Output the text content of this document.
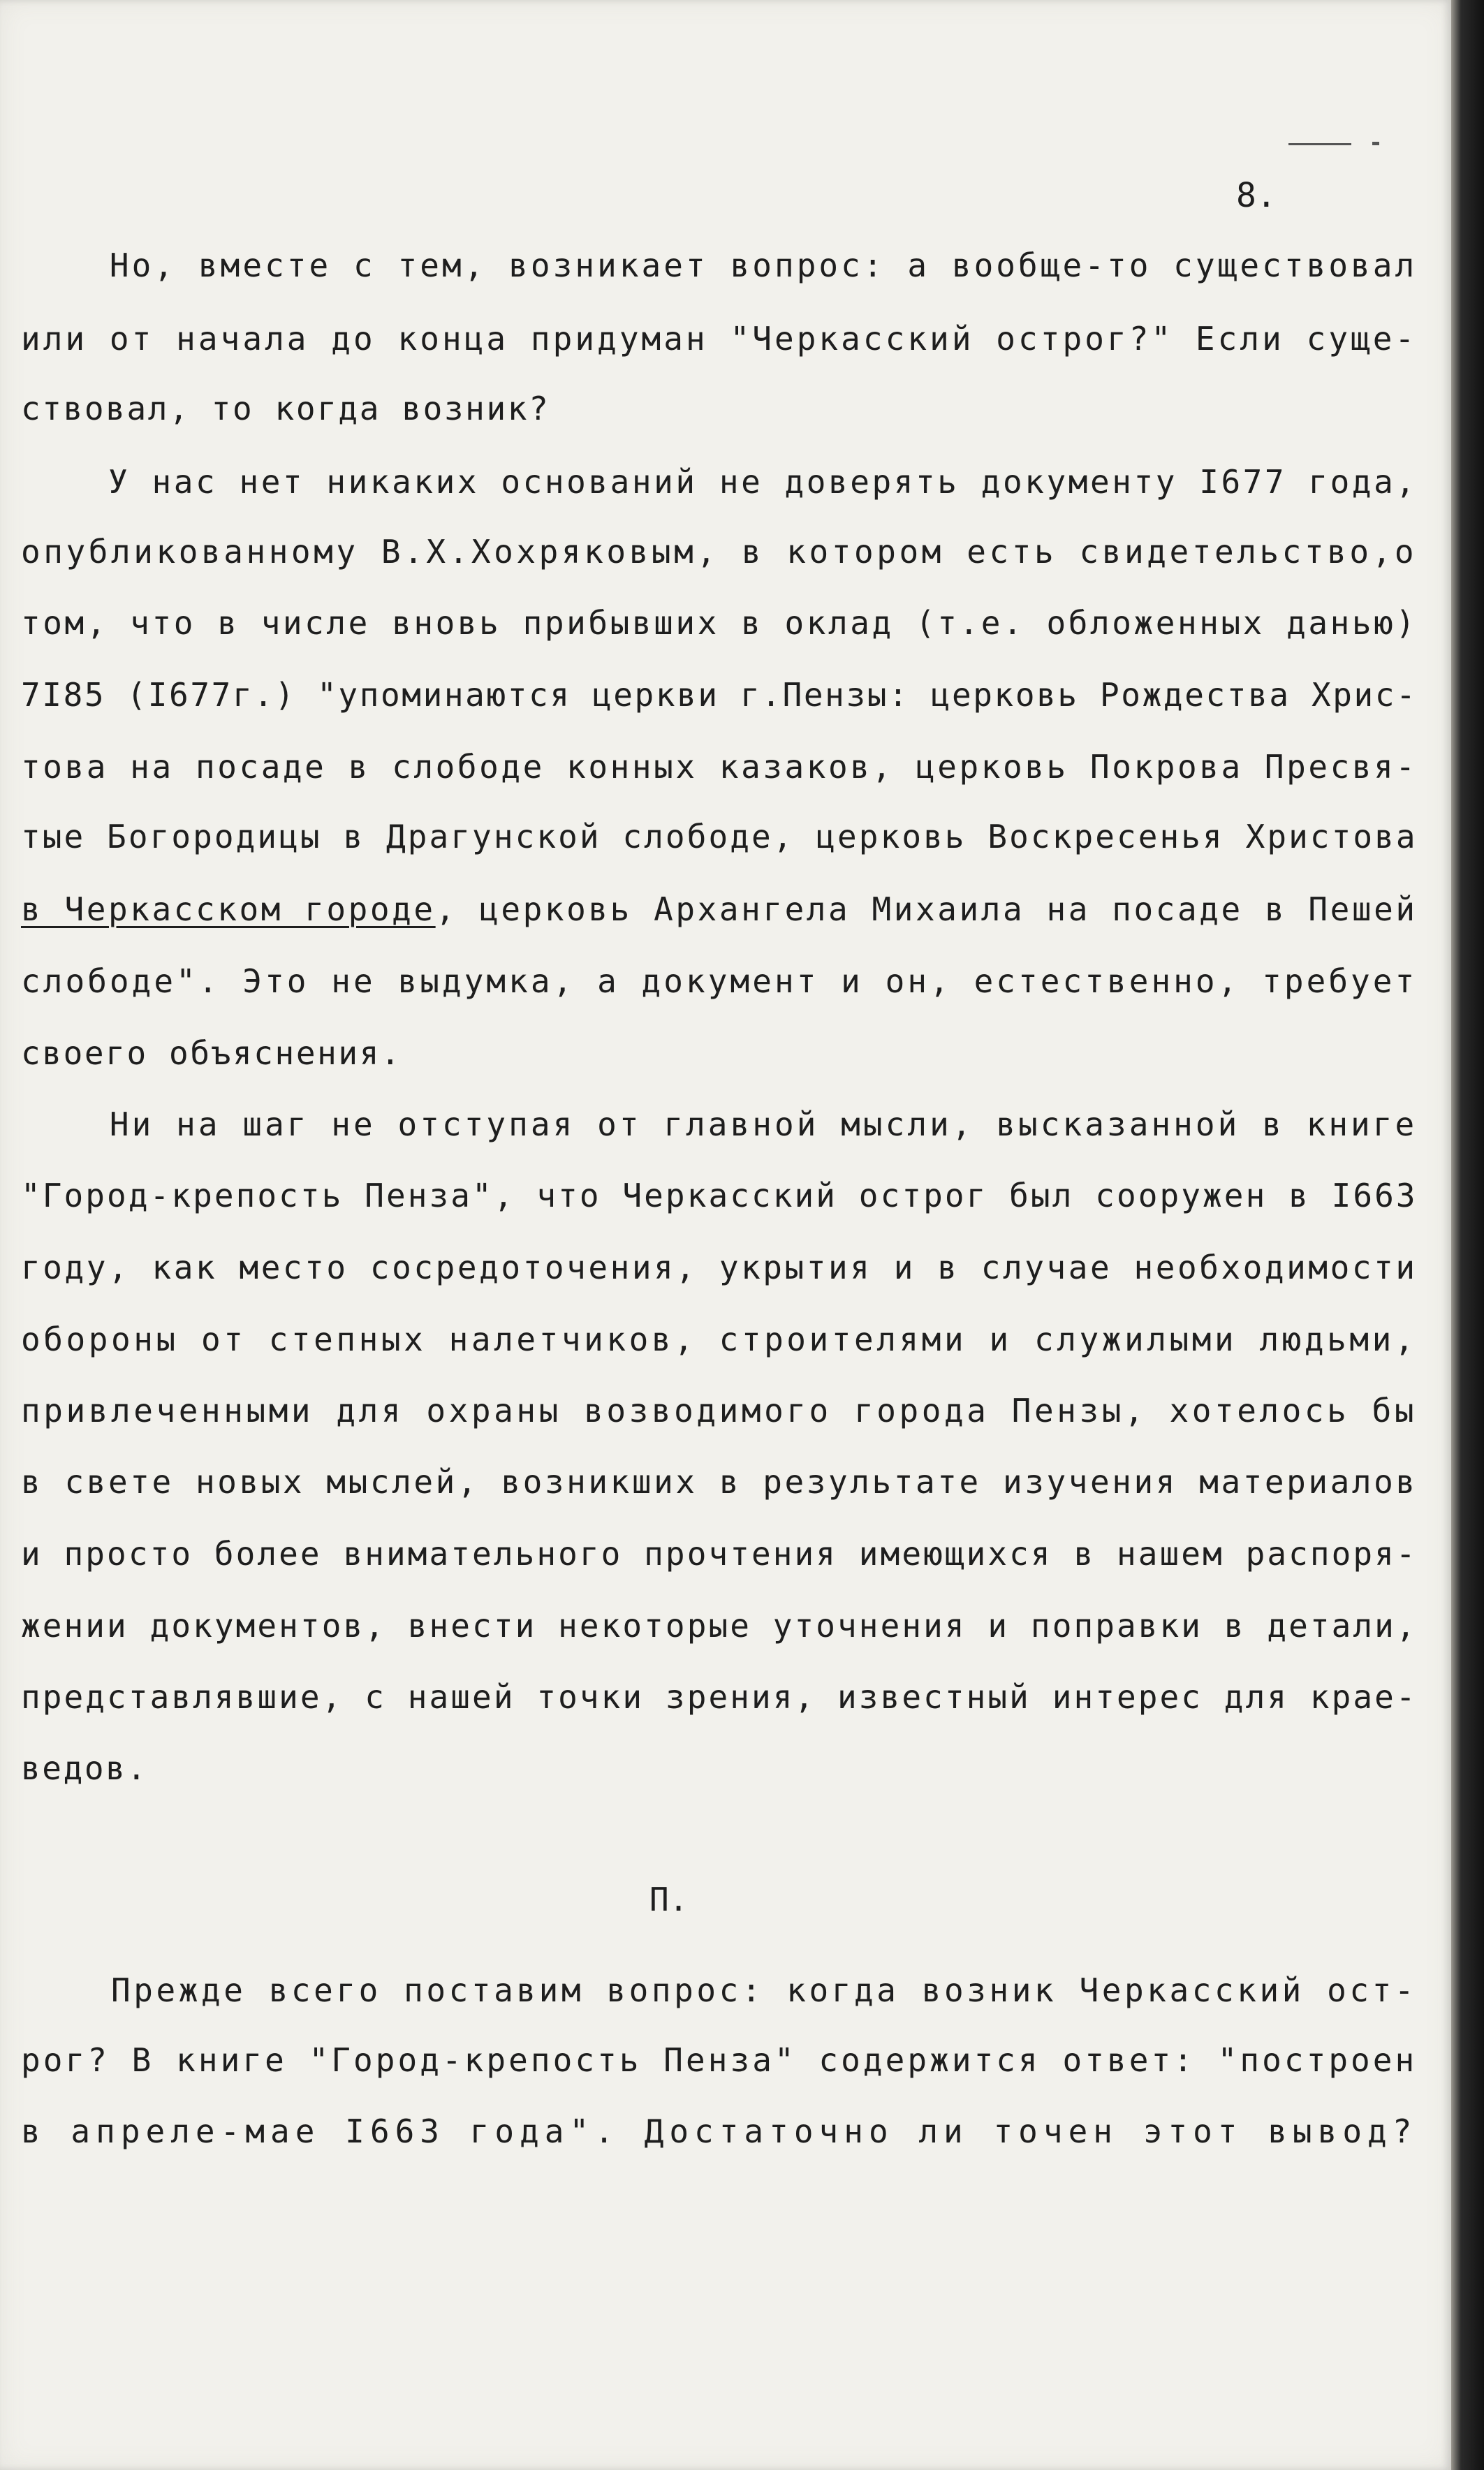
8.

Но, вместе с тем, возникает вопрос: а вообще-то существовал

или от начала до конца придуман "Черкасский острог?" Если суще-

ствовал, то когда возник?

У нас нет никаких оснований не доверять документу I677 года,

опубликованному В.Х.Хохряковым, в котором есть свидетельство,о

том, что в числе вновь прибывших в оклад (т.е. обложенных данью)

7I85 (I677г.) "упоминаются церкви г.Пензы: церковь Рождества Хрис-

това на посаде в слободе конных казаков, церковь Покрова Пресвя-

тые Богородицы в Драгунской слободе, церковь Воскресенья Христова

в Черкасском городе, церковь Архангела Михаила на посаде в Пешей

слободе". Это не выдумка, а документ и он, естественно, требует

своего объяснения.

Ни на шаг не отступая от главной мысли, высказанной в книге

"Город-крепость Пенза", что Черкасский острог был сооружен в I663

году, как место сосредоточения, укрытия и в случае необходимости

обороны от степных налетчиков, строителями и служилыми людьми,

привлеченными для охраны возводимого города Пензы, хотелось бы

в свете новых мыслей, возникших в результате изучения материалов

и просто более внимательного прочтения имеющихся в нашем распоря-

жении документов, внести некоторые уточнения и поправки в детали,

представлявшие, с нашей точки зрения, известный интерес для крае-

ведов.

П.

Прежде всего поставим вопрос: когда возник Черкасский ост-

рог? В книге "Город-крепость Пенза" содержится ответ: "построен

в апреле-мае I663 года". Достаточно ли точен этот вывод?
